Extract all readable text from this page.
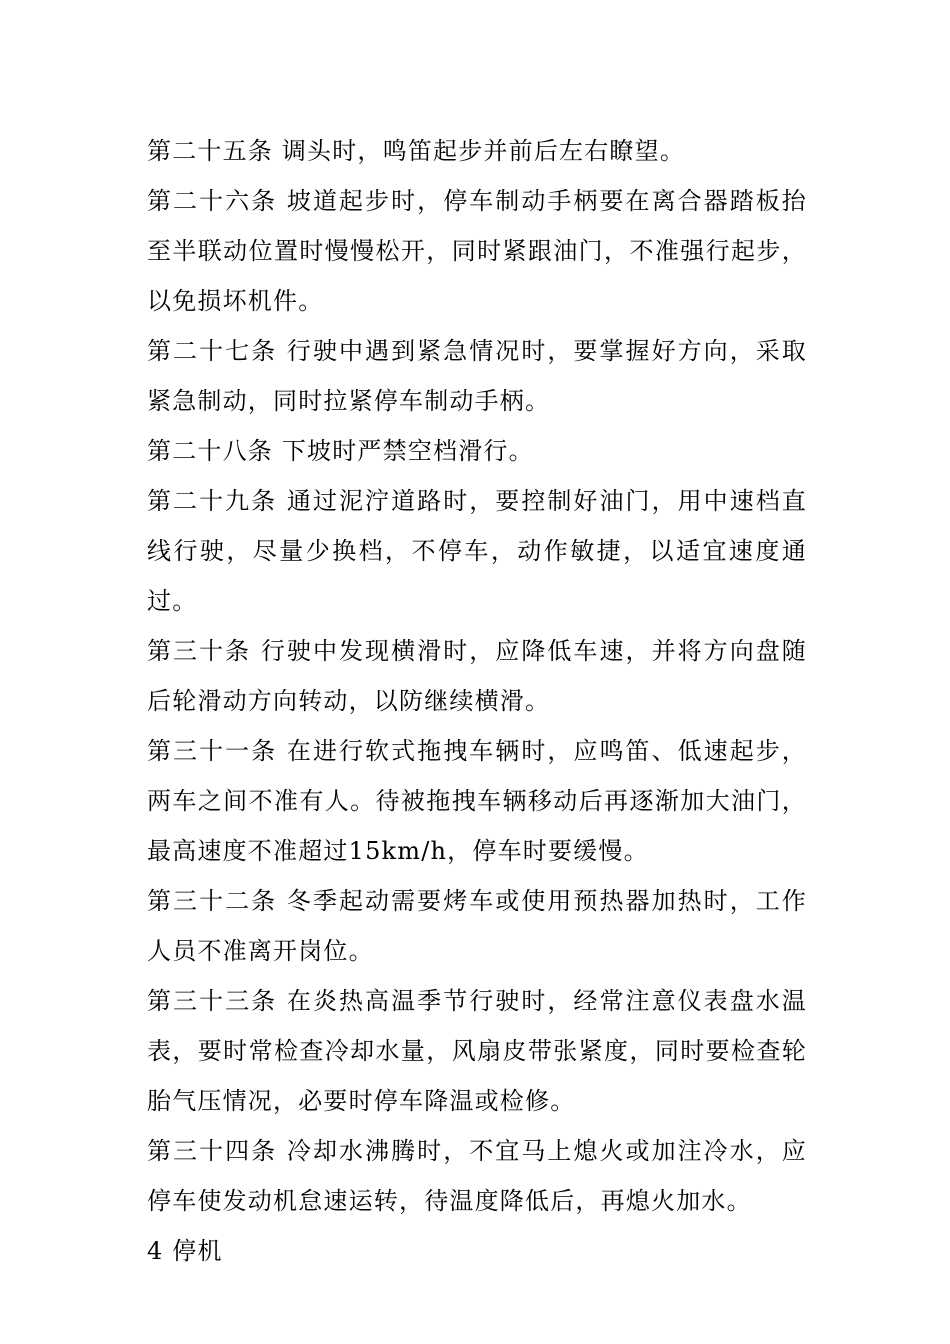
第二十五条 调头时，鸣笛起步并前后左右瞭望。

第二十六条 坡道起步时，停车制动手柄要在离合器踏板抬至半联动位置时慢慢松开，同时紧跟油门，不准强行起步，以免损坏机件。

第二十七条 行驶中遇到紧急情况时，要掌握好方向，采取紧急制动，同时拉紧停车制动手柄。

第二十八条 下坡时严禁空档滑行。

第二十九条 通过泥泞道路时，要控制好油门，用中速档直线行驶，尽量少换档，不停车，动作敏捷，以适宜速度通过。

第三十条 行驶中发现横滑时，应降低车速，并将方向盘随后轮滑动方向转动，以防继续横滑。

第三十一条 在进行软式拖拽车辆时，应鸣笛、低速起步，两车之间不准有人。待被拖拽车辆移动后再逐渐加大油门，最高速度不准超过15km/h，停车时要缓慢。

第三十二条 冬季起动需要烤车或使用预热器加热时，工作人员不准离开岗位。

第三十三条 在炎热高温季节行驶时，经常注意仪表盘水温表，要时常检查冷却水量，风扇皮带张紧度，同时要检查轮胎气压情况，必要时停车降温或检修。

第三十四条 冷却水沸腾时，不宜马上熄火或加注冷水，应停车使发动机怠速运转，待温度降低后，再熄火加水。

4 停机
